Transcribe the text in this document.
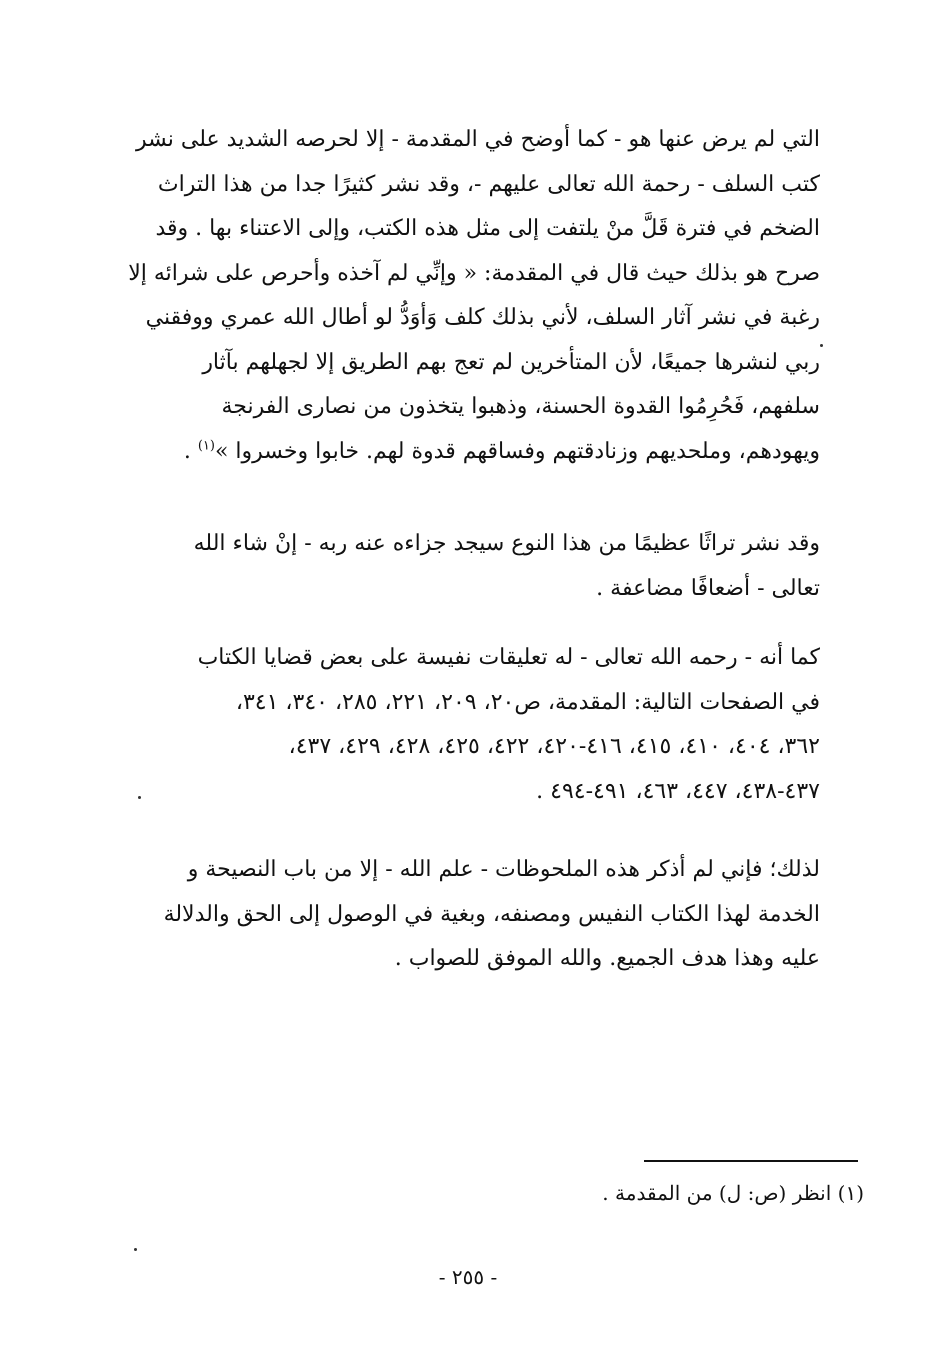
التي لم يرض عنها هو - كما أوضح في المقدمة - إلا لحرصه الشديد على نشر
كتب السلف - رحمة الله تعالى عليهم -، وقد نشر كثيرًا جدا من هذا التراث
الضخم في فترة قَلَّ منْ يلتفت إلى مثل هذه الكتب، وإلى الاعتناء بها . وقد
صرح هو بذلك حيث قال في المقدمة: « وإنِّي لم آخذه وأحرص على شرائه إلا
رغبة في نشر آثار السلف، لأني بذلك كلف وَأوَدُّ لو أطال الله عمري ووفقني
ربي لنشرها جميعًا، لأن المتأخرين لم تعج بهم الطريق إلا لجهلهم بآثار
سلفهم، فَحُرِمُوا القدوة الحسنة، وذهبوا يتخذون من نصارى الفرنجة
ويهودهم، وملحديهم وزنادقتهم وفساقهم قدوة لهم. خابوا وخسروا »$^{(١)}$ .
وقد نشر تراثًا عظيمًا من هذا النوع سيجد جزاءه عنه ربه - إنْ شاء الله
تعالى - أضعافًا مضاعفة .
كما أنه - رحمه الله تعالى - له تعليقات نفيسة على بعض قضايا الكتاب
في الصفحات التالية: المقدمة، ص٢٠، ٢٠٩، ٢٢١، ٢٨٥، ٣٤٠، ٣٤١،
٣٦٢، ٤٠٤، ٤١٠، ٤١٥، ٤١٦-٤٢٠، ٤٢٢، ٤٢٥، ٤٢٨، ٤٢٩، ٤٣٧،
٤٣٧-٤٣٨، ٤٤٧، ٤٦٣، ٤٩١-٤٩٤ .
لذلك؛ فإني لم أذكر هذه الملحوظات - علم الله - إلا من باب النصيحة و
الخدمة لهذا الكتاب النفيس ومصنفه، وبغية في الوصول إلى الحق والدلالة
عليه وهذا هدف الجميع. والله الموفق للصواب .
(١) انظر (ص: ل) من المقدمة .
- ٢٥٥ -
